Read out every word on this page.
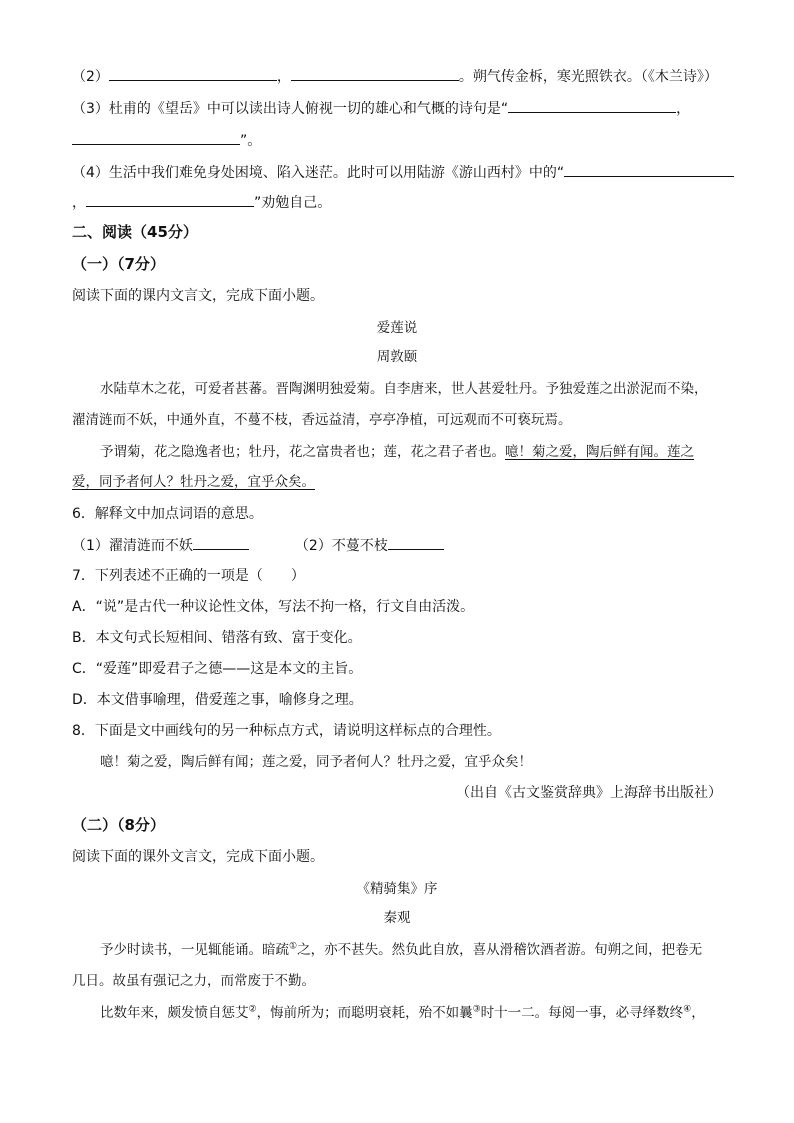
（2）	，	。朔气传金柝，寒光照铁衣。（《木兰诗》）
（3）杜甫的《望岳》中可以读出诗人俯视一切的雄心和气概的诗句是“	，
”。
（4）生活中我们难免身处困境、陷入迷茫。此时可以用陆游《游山西村》中的“
，	”劝勉自己。
二、阅读（45分）
（一）（7分）
阅读下面的课内文言文，完成下面小题。
爱莲说
周敦颐
水陆草木之花，可爱者甚蕃。晋陶渊明独爱菊。自李唐来，世人甚爱牡丹。予独爱莲之出淤泥而不染，
濯清涟而不妖，中通外直，不蔓不枝，香远益清，亭亭净植，可远观而不可亵玩焉。
予谓菊，花之隐逸者也；牡丹，花之富贵者也；莲，花之君子者也。噫！菊之爱，陶后鲜有闻。莲之
爱，同予者何人？牡丹之爱，宜乎众矣。
6．解释文中加点词语的意思。
（1）濯清涟而不妖	（2）不蔓不枝
7．下列表述不正确的一项是（　　）
A．“说”是古代一种议论性文体，写法不拘一格，行文自由活泼。
B．本文句式长短相间、错落有致、富于变化。
C．“爱莲”即爱君子之德——这是本文的主旨。
D．本文借事喻理，借爱莲之事，喻修身之理。
8．下面是文中画线句的另一种标点方式，请说明这样标点的合理性。
噫！菊之爱，陶后鲜有闻；莲之爱，同予者何人？牡丹之爱，宜乎众矣！
（出自《古文鉴赏辞典》上海辞书出版社）
（二）（8分）
阅读下面的课外文言文，完成下面小题。
《精骑集》序
秦观
予少时读书，一见辄能诵。暗疏①之，亦不甚失。然负此自放，喜从滑稽饮酒者游。旬朔之间，把卷无
几日。故虽有强记之力，而常废于不勤。
比数年来，颇发愤自惩艾②，悔前所为；而聪明衰耗，殆不如曩③时十一二。每阅一事，必寻绎数终④，
